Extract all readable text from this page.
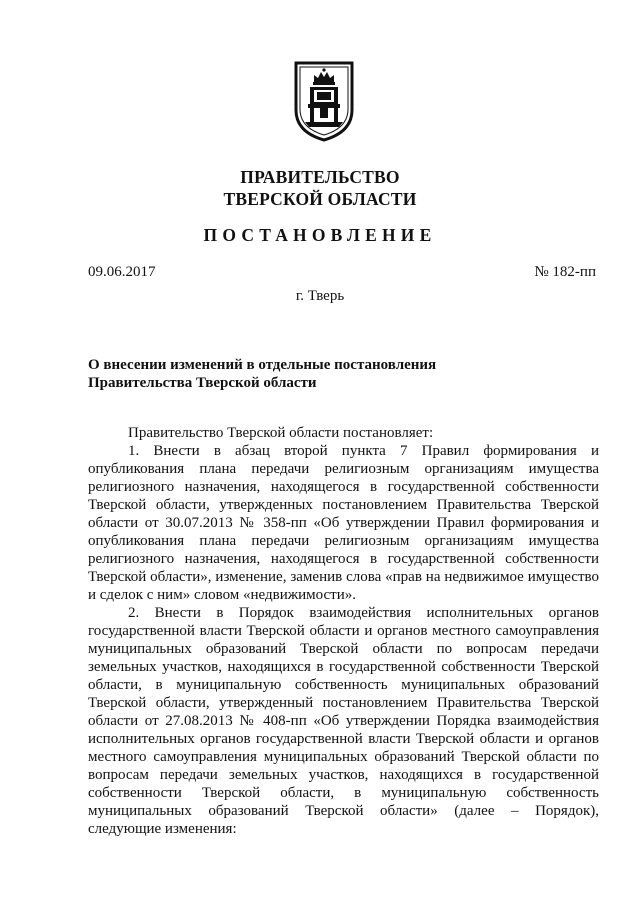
ПРАВИТЕЛЬСТВО
ТВЕРСКОЙ ОБЛАСТИ
ПОСТАНОВЛЕНИЕ
09.06.2017	№ 182-пп
г. Тверь
О внесении изменений в отдельные постановления
Правительства Тверской области

Правительство Тверской области постановляет:

1. Внести в абзац второй пункта 7 Правил формирования и опубликования плана передачи религиозным организациям имущества религиозного назначения, находящегося в государственной собственности Тверской области, утвержденных постановлением Правительства Тверской области от 30.07.2013 № 358-пп «Об утверждении Правил формирования и опубликования плана передачи религиозным организациям имущества религиозного назначения, находящегося в государственной собственности Тверской области», изменение, заменив слова «прав на недвижимое имущество и сделок с ним» словом «недвижимости».

2. Внести в Порядок взаимодействия исполнительных органов государственной власти Тверской области и органов местного самоуправления муниципальных образований Тверской области по вопросам передачи земельных участков, находящихся в государственной собственности Тверской области, в муниципальную собственность муниципальных образований Тверской области, утвержденный постановлением Правительства Тверской области от 27.08.2013 № 408-пп «Об утверждении Порядка взаимодействия исполнительных органов государственной власти Тверской области и органов местного самоуправления муниципальных образований Тверской области по вопросам передачи земельных участков, находящихся в государственной собственности Тверской области, в муниципальную собственность муниципальных образований Тверской области» (далее – Порядок), следующие изменения:
